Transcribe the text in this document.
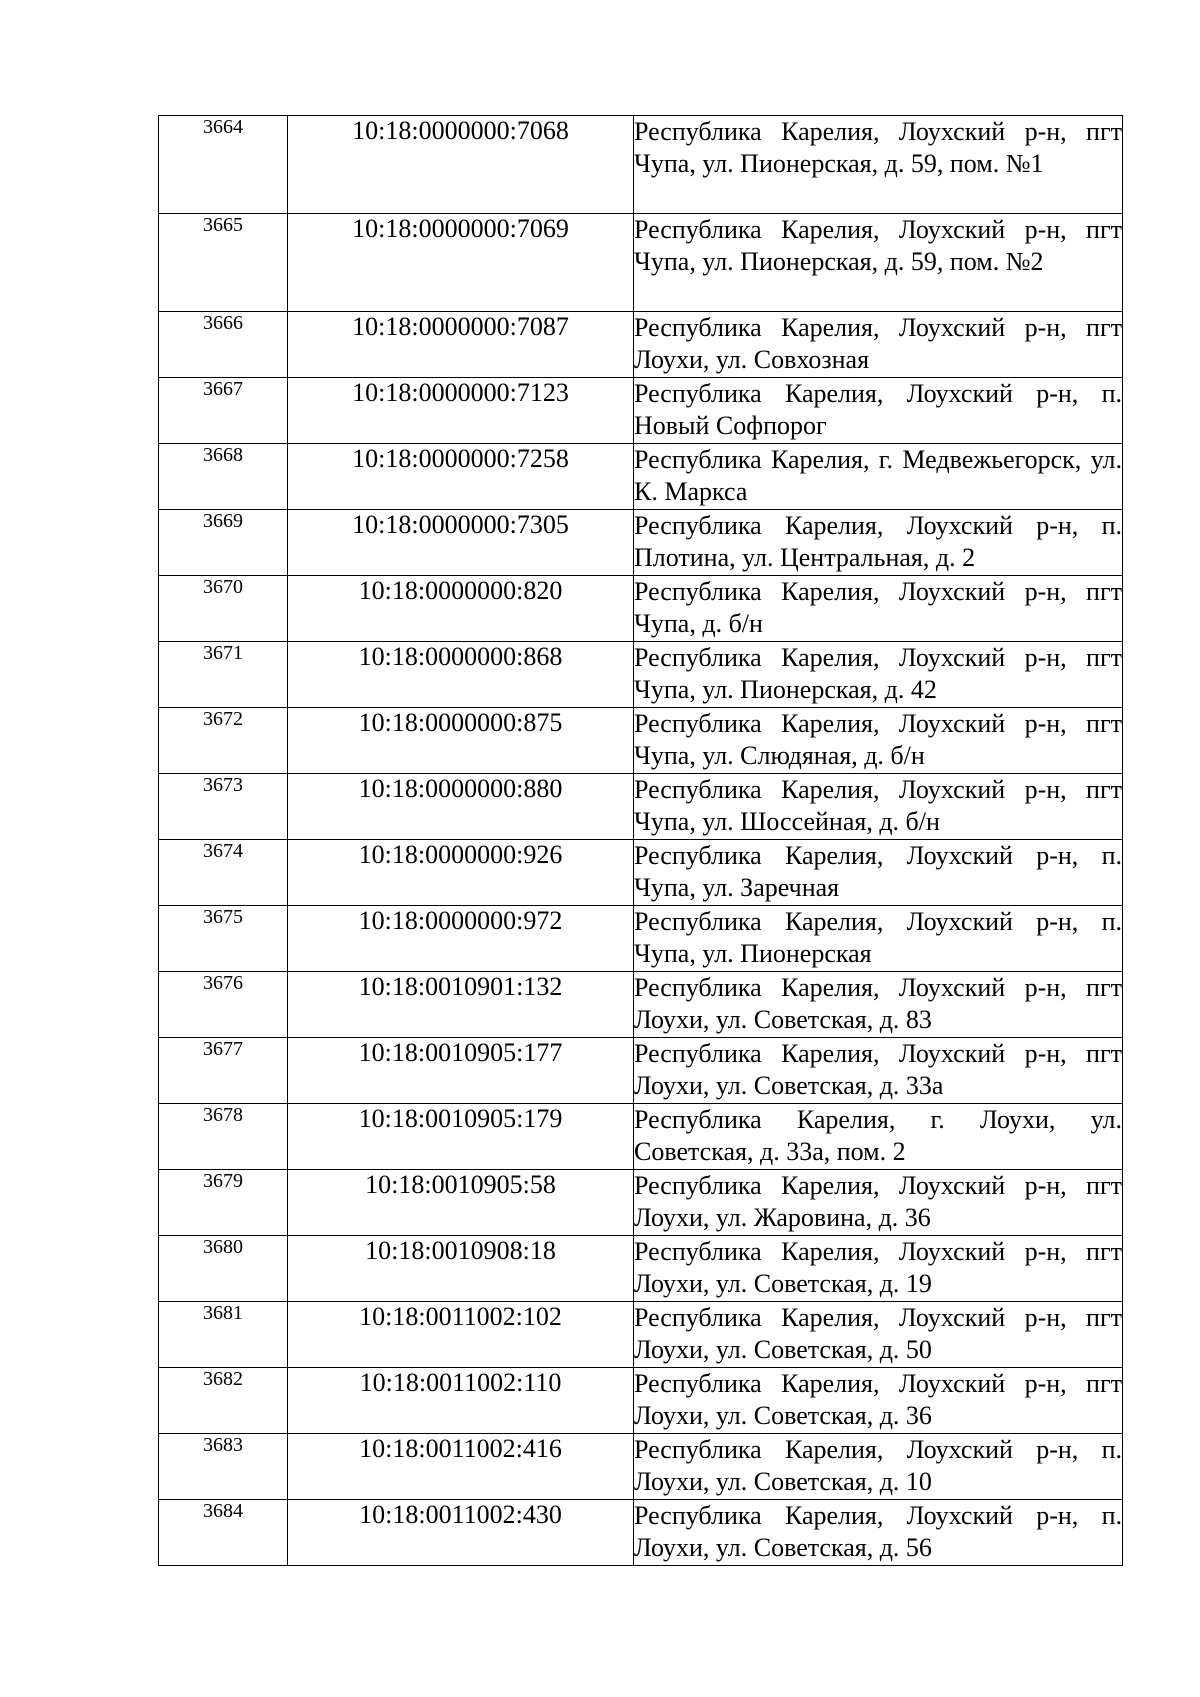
3664	10:18:0000000:7068	Республика Карелия, Лоухский р-н, пгт Чупа, ул. Пионерская, д. 59, пом. №1
3665	10:18:0000000:7069	Республика Карелия, Лоухский р-н, пгт Чупа, ул. Пионерская, д. 59, пом. №2
3666	10:18:0000000:7087	Республика Карелия, Лоухский р-н, пгт Лоухи, ул. Совхозная
3667	10:18:0000000:7123	Республика Карелия, Лоухский р-н, п. Новый Софпорог
3668	10:18:0000000:7258	Республика Карелия, г. Медвежьегорск, ул. К. Маркса
3669	10:18:0000000:7305	Республика Карелия, Лоухский р-н, п. Плотина, ул. Центральная, д. 2
3670	10:18:0000000:820	Республика Карелия, Лоухский р-н, пгт Чупа, д. б/н
3671	10:18:0000000:868	Республика Карелия, Лоухский р-н, пгт Чупа, ул. Пионерская, д. 42
3672	10:18:0000000:875	Республика Карелия, Лоухский р-н, пгт Чупа, ул. Слюдяная, д. б/н
3673	10:18:0000000:880	Республика Карелия, Лоухский р-н, пгт Чупа, ул. Шоссейная, д. б/н
3674	10:18:0000000:926	Республика Карелия, Лоухский р-н, п. Чупа, ул. Заречная
3675	10:18:0000000:972	Республика Карелия, Лоухский р-н, п. Чупа, ул. Пионерская
3676	10:18:0010901:132	Республика Карелия, Лоухский р-н, пгт Лоухи, ул. Советская, д. 83
3677	10:18:0010905:177	Республика Карелия, Лоухский р-н, пгт Лоухи, ул. Советская, д. 33а
3678	10:18:0010905:179	Республика Карелия, г. Лоухи, ул. Советская, д. 33а, пом. 2
3679	10:18:0010905:58	Республика Карелия, Лоухский р-н, пгт Лоухи, ул. Жаровина, д. 36
3680	10:18:0010908:18	Республика Карелия, Лоухский р-н, пгт Лоухи, ул. Советская, д. 19
3681	10:18:0011002:102	Республика Карелия, Лоухский р-н, пгт Лоухи, ул. Советская, д. 50
3682	10:18:0011002:110	Республика Карелия, Лоухский р-н, пгт Лоухи, ул. Советская, д. 36
3683	10:18:0011002:416	Республика Карелия, Лоухский р-н, п. Лоухи, ул. Советская, д. 10
3684	10:18:0011002:430	Республика Карелия, Лоухский р-н, п. Лоухи, ул. Советская, д. 56
